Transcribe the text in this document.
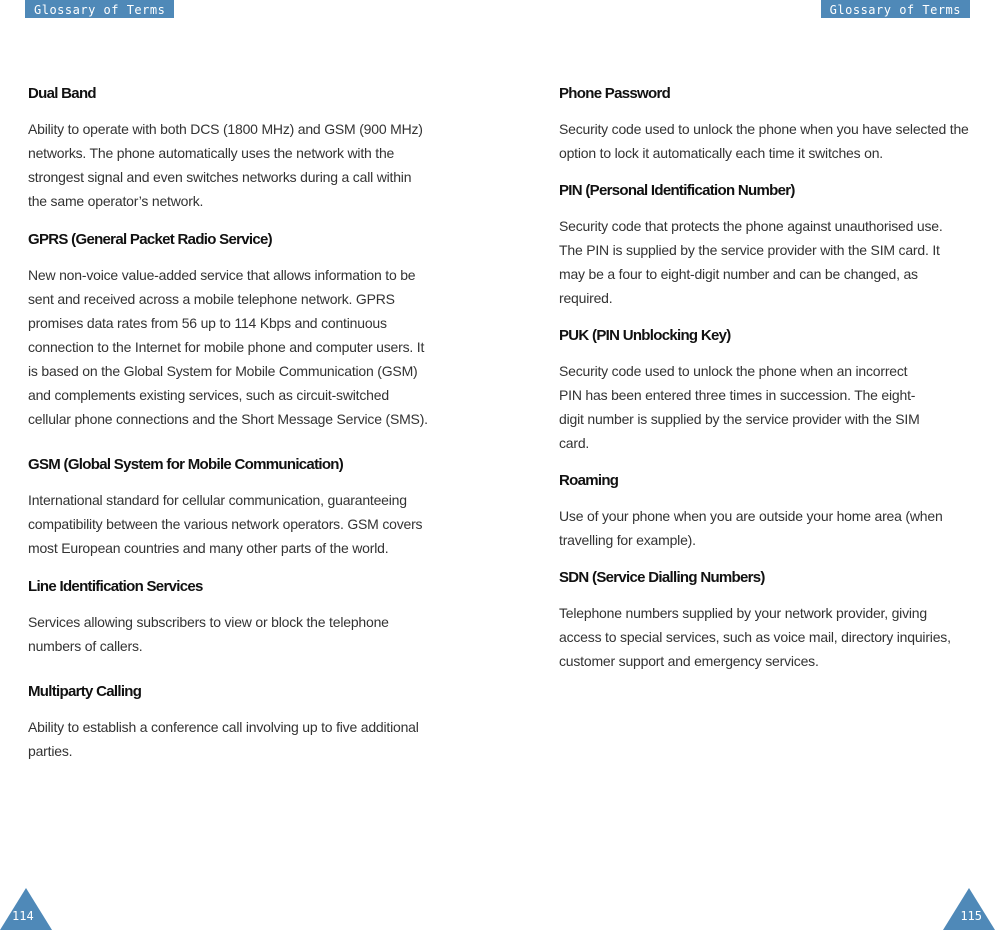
Glossary of Terms	Glossary of Terms

Dual Band

Ability to operate with both DCS (1800 MHz) and GSM (900 MHz) networks. The phone automatically uses the network with the strongest signal and even switches networks during a call within the same operator’s network.

GPRS (General Packet Radio Service)

New non-voice value-added service that allows information to be sent and received across a mobile telephone network. GPRS promises data rates from 56 up to 114 Kbps and continuous connection to the Internet for mobile phone and computer users. It is based on the Global System for Mobile Communication (GSM) and complements existing services, such as circuit-switched cellular phone connections and the Short Message Service (SMS).

GSM (Global System for Mobile Communication)

International standard for cellular communication, guaranteeing compatibility between the various network operators. GSM covers most European countries and many other parts of the world.

Line Identification Services

Services allowing subscribers to view or block the telephone numbers of callers.

Multiparty Calling

Ability to establish a conference call involving up to five additional parties.

Phone Password

Security code used to unlock the phone when you have selected the option to lock it automatically each time it switches on.

PIN (Personal Identification Number)

Security code that protects the phone against unauthorised use. The PIN is supplied by the service provider with the SIM card. It may be a four to eight-digit number and can be changed, as required.

PUK (PIN Unblocking Key)

Security code used to unlock the phone when an incorrect PIN has been entered three times in succession. The eight-digit number is supplied by the service provider with the SIM card.

Roaming

Use of your phone when you are outside your home area (when travelling for example).

SDN (Service Dialling Numbers)

Telephone numbers supplied by your network provider, giving access to special services, such as voice mail, directory inquiries, customer support and emergency services.

114	115
